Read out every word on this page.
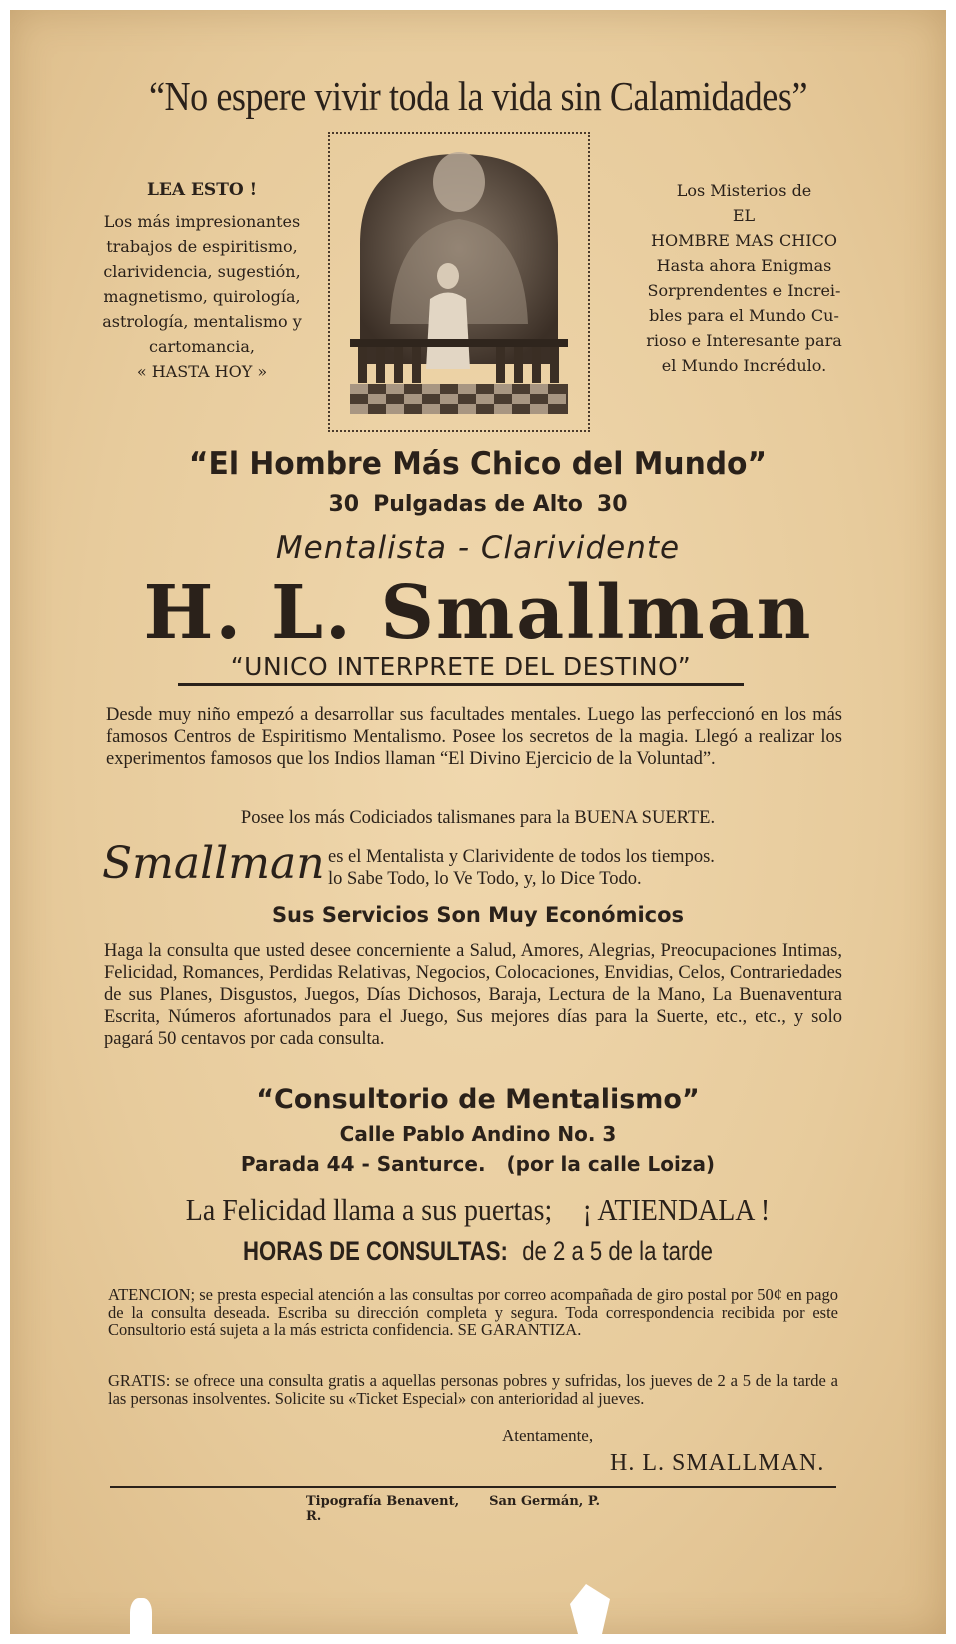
“No espere vivir toda la vida sin Calamidades”
LEA ESTO !
Los más impresionantes
trabajos de espiritismo,
clarividencia, sugestión,
magnetismo, quirología,
astrología, mentalismo y
cartomancia,
« HASTA HOY »
Los Misterios de
EL
HOMBRE MAS CHICO
Hasta ahora Enigmas
Sorprendentes e Increi-
bles para el Mundo Cu-
rioso e Interesante para
el Mundo Incrédulo.
“El Hombre Más Chico del Mundo”
30 Pulgadas de Alto 30
Mentalista - Clarividente
H. L. Smallman
“UNICO INTERPRETE DEL DESTINO”
Desde muy niño empezó a desarrollar sus facultades mentales. Luego las perfeccionó en los más famosos Centros de Espiritismo Mentalismo. Posee los secretos de la magia. Llegó a realizar los experimentos famosos que los Indios llaman “El Divino Ejercicio de la Voluntad”.
Posee los más Codiciados talismanes para la BUENA SUERTE.
Smallman es el Mentalista y Clarividente de todos los tiempos.
lo Sabe Todo, lo Ve Todo, y, lo Dice Todo.
Sus Servicios Son Muy Económicos
Haga la consulta que usted desee concerniente a Salud, Amores, Alegrias, Preocupaciones Intimas, Felicidad, Romances, Perdidas Relativas, Negocios, Colocaciones, Envidias, Celos, Contrariedades de sus Planes, Disgustos, Juegos, Días Dichosos, Baraja, Lectura de la Mano, La Buenaventura Escrita, Números afortunados para el Juego, Sus mejores días para la Suerte, etc., etc., y solo pagará 50 centavos por cada consulta.
“Consultorio de Mentalismo”
Calle Pablo Andino No. 3
Parada 44 - Santurce. (por la calle Loiza)
La Felicidad llama a sus puertas; ¡ ATIENDALA !
HORAS DE CONSULTAS: de 2 a 5 de la tarde
ATENCION; se presta especial atención a las consultas por correo acompañada de giro postal por 50¢ en pago de la consulta deseada. Escriba su dirección completa y segura. Toda correspondencia recibida por este Consultorio está sujeta a la más estricta confidencia. SE GARANTIZA.
GRATIS: se ofrece una consulta gratis a aquellas personas pobres y sufridas, los jueves de 2 a 5 de la tarde a las personas insolventes. Solicite su «Ticket Especial» con anterioridad al jueves.
Atentamente,
H. L. SMALLMAN.
Tipografía Benavent, San Germán, P. R.
